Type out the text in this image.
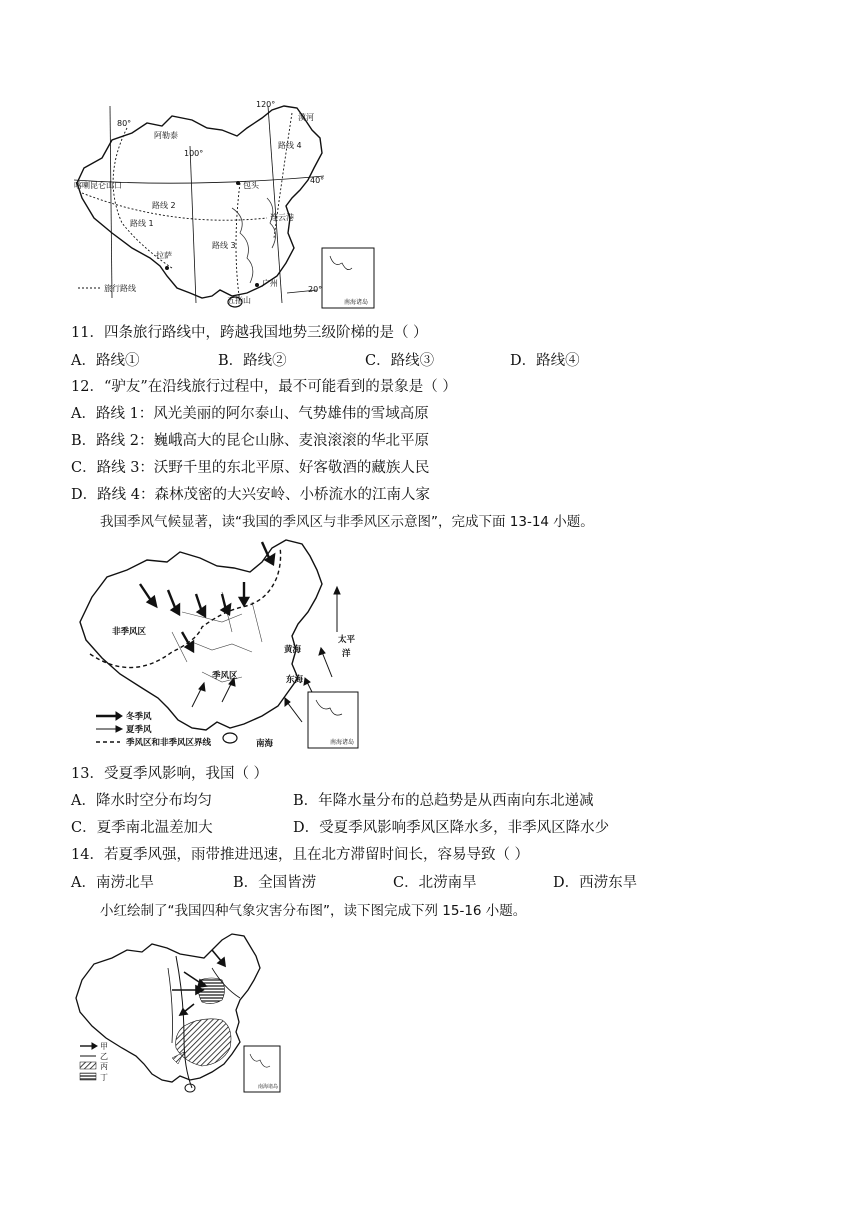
80°
100°
120°
40°
20°
漠河
阿勒泰
喀喇昆仑山口	包头
路线 1
路线 2
路线 3
路线 4
连云港
拉萨
广州
五指山
旅行路线
南海诸岛
11．四条旅行路线中，跨越我国地势三级阶梯的是（ ）
A．路线①	B．路线②	C．路线③	D．路线④
12．“驴友”在沿线旅行过程中，最不可能看到的景象是（ ）
A．路线 1：风光美丽的阿尔泰山、气势雄伟的雪域高原
B．路线 2：巍峨高大的昆仑山脉、麦浪滚滚的华北平原
C．路线 3：沃野千里的东北平原、好客敬酒的藏族人民
D．路线 4：森林茂密的大兴安岭、小桥流水的江南人家
我国季风气候显著，读“我国的季风区与非季风区示意图”，完成下面 13-14 小题。
非季风区
季风区
黄海
东海
南海
太平
洋
冬季风
夏季风
季风区和非季风区界线	南海诸岛
13．受夏季风影响，我国（ ）
A．降水时空分布均匀	B．年降水量分布的总趋势是从西南向东北递减
C．夏季南北温差加大	D．受夏季风影响季风区降水多，非季风区降水少
14．若夏季风强，雨带推进迅速，且在北方滞留时间长，容易导致（ ）
A．南涝北旱	B．全国皆涝	C．北涝南旱	D．西涝东旱
小红绘制了“我国四种气象灾害分布图”，读下图完成下列 15-16 小题。
甲
乙
丙
丁
南海诸岛
